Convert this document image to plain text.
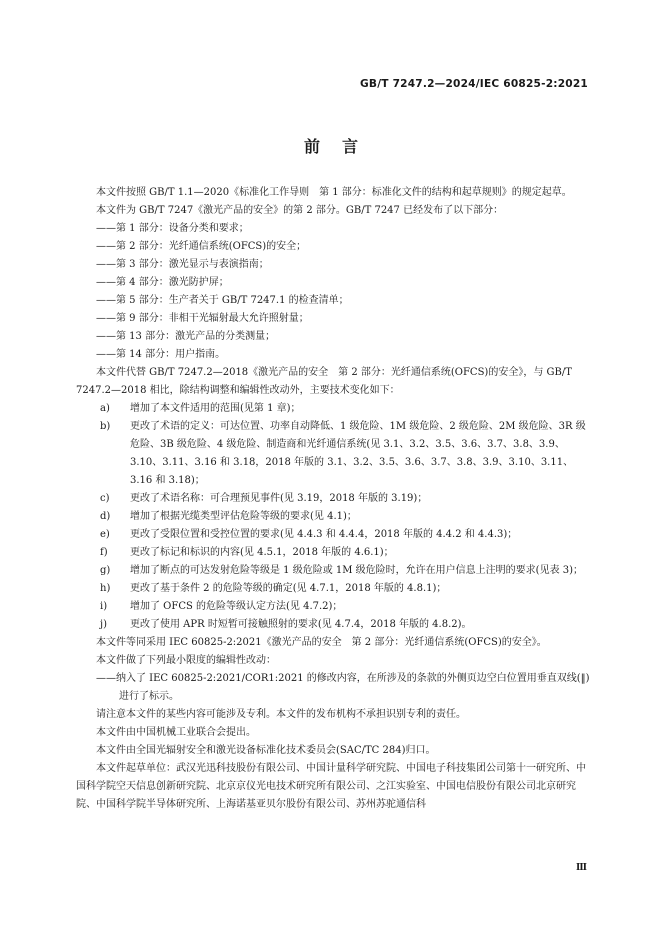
GB/T 7247.2—2024/IEC 60825-2:2021
前言
本文件按照 GB/T 1.1—2020《标准化工作导则　第 1 部分：标准化文件的结构和起草规则》的规定起草。
本文件为 GB/T 7247《激光产品的安全》的第 2 部分。GB/T 7247 已经发布了以下部分：
——第 1 部分：设备分类和要求；
——第 2 部分：光纤通信系统(OFCS)的安全；
——第 3 部分：激光显示与表演指南；
——第 4 部分：激光防护屏；
——第 5 部分：生产者关于 GB/T 7247.1 的检查清单；
——第 9 部分：非相干光辐射最大允许照射量；
——第 13 部分：激光产品的分类测量；
——第 14 部分：用户指南。
本文件代替 GB/T 7247.2—2018《激光产品的安全　第 2 部分：光纤通信系统(OFCS)的安全》，与 GB/T 7247.2—2018 相比，除结构调整和编辑性改动外，主要技术变化如下：
a)	增加了本文件适用的范围(见第 1 章)；
b)	更改了术语的定义：可达位置、功率自动降低、1 级危险、1M 级危险、2 级危险、2M 级危险、3R 级危险、3B 级危险、4 级危险、制造商和光纤通信系统(见 3.1、3.2、3.5、3.6、3.7、3.8、3.9、3.10、3.11、3.16 和 3.18，2018 年版的 3.1、3.2、3.5、3.6、3.7、3.8、3.9、3.10、3.11、3.16 和 3.18)；
c)	更改了术语名称：可合理预见事件(见 3.19，2018 年版的 3.19)；
d)	增加了根据光缆类型评估危险等级的要求(见 4.1)；
e)	更改了受限位置和受控位置的要求(见 4.4.3 和 4.4.4，2018 年版的 4.4.2 和 4.4.3)；
f)	更改了标记和标识的内容(见 4.5.1，2018 年版的 4.6.1)；
g)	增加了断点的可达发射危险等级是 1 级危险或 1M 级危险时，允许在用户信息上注明的要求(见表 3)；
h)	更改了基于条件 2 的危险等级的确定(见 4.7.1，2018 年版的 4.8.1)；
i)	增加了 OFCS 的危险等级认定方法(见 4.7.2)；
j)	更改了使用 APR 时短暂可接触照射的要求(见 4.7.4，2018 年版的 4.8.2)。
本文件等同采用 IEC 60825-2:2021《激光产品的安全　第 2 部分：光纤通信系统(OFCS)的安全》。
本文件做了下列最小限度的编辑性改动：
——纳入了 IEC 60825-2:2021/COR1:2021 的修改内容，在所涉及的条款的外侧页边空白位置用垂直双线(‖)进行了标示。
请注意本文件的某些内容可能涉及专利。本文件的发布机构不承担识别专利的责任。
本文件由中国机械工业联合会提出。
本文件由全国光辐射安全和激光设备标准化技术委员会(SAC/TC 284)归口。
本文件起草单位：武汉光迅科技股份有限公司、中国计量科学研究院、中国电子科技集团公司第十一研究所、中国科学院空天信息创新研究院、北京京仪光电技术研究所有限公司、之江实验室、中国电信股份有限公司北京研究院、中国科学院半导体研究所、上海诺基亚贝尔股份有限公司、苏州苏驼通信科
Ⅲ
